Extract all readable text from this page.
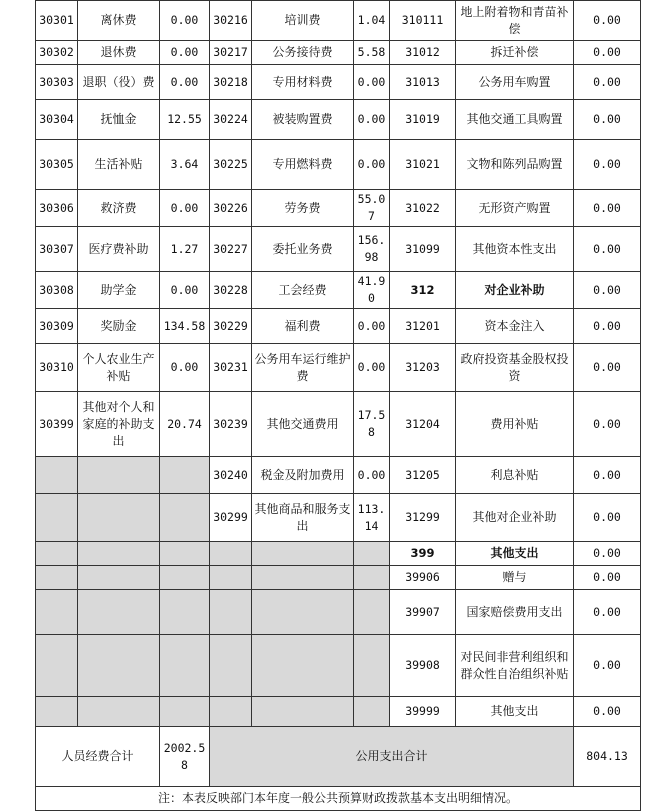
30301	离休费	0.00	30216	培训费	1.04	310111	地上附着物和青苗补偿	0.00
30302	退休费	0.00	30217	公务接待费	5.58	31012	拆迁补偿	0.00
30303	退职（役）费	0.00	30218	专用材料费	0.00	31013	公务用车购置	0.00
30304	抚恤金	12.55	30224	被装购置费	0.00	31019	其他交通工具购置	0.00
30305	生活补贴	3.64	30225	专用燃料费	0.00	31021	文物和陈列品购置	0.00
30306	救济费	0.00	30226	劳务费	55.07	31022	无形资产购置	0.00
30307	医疗费补助	1.27	30227	委托业务费	156.98	31099	其他资本性支出	0.00
30308	助学金	0.00	30228	工会经费	41.90	312	对企业补助	0.00
30309	奖励金	134.58	30229	福利费	0.00	31201	资本金注入	0.00
30310	个人农业生产补贴	0.00	30231	公务用车运行维护费	0.00	31203	政府投资基金股权投资	0.00
30399	其他对个人和家庭的补助支出	20.74	30239	其他交通费用	17.58	31204	费用补贴	0.00
			30240	税金及附加费用	0.00	31205	利息补贴	0.00
			30299	其他商品和服务支出	113.14	31299	其他对企业补助	0.00
						399	其他支出	0.00
						39906	赠与	0.00
						39907	国家赔偿费用支出	0.00
						39908	对民间非营利组织和群众性自治组织补贴	0.00
						39999	其他支出	0.00
人员经费合计		2002.58	公用支出合计					804.13
注：本表反映部门本年度一般公共预算财政拨款基本支出明细情况。								
